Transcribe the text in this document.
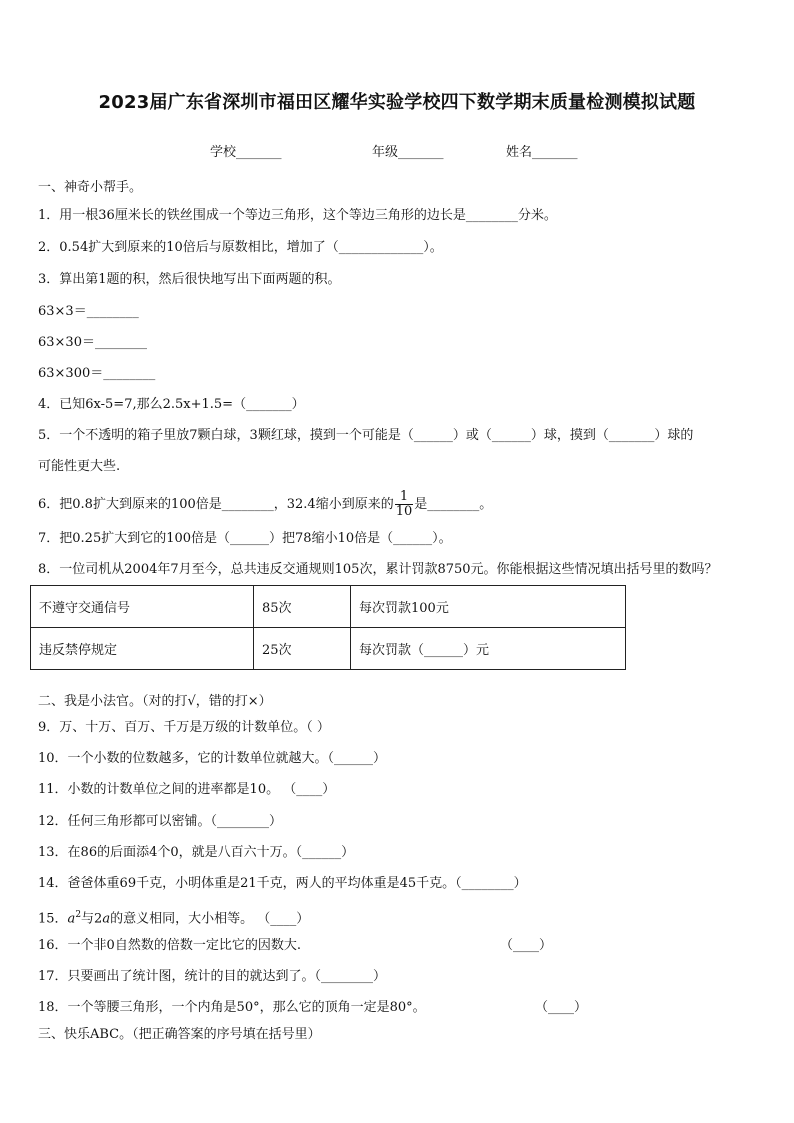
2023届广东省深圳市福田区耀华实验学校四下数学期末质量检测模拟试题
学校_______	年级_______	姓名_______
一、神奇小帮手。
1．用一根36厘米长的铁丝围成一个等边三角形，这个等边三角形的边长是________分米。
2．0.54扩大到原来的10倍后与原数相比，增加了（_____________）。
3．算出第1题的积，然后很快地写出下面两题的积。
63×3＝________
63×30＝________
63×300＝________
4．已知6x-5=7,那么2.5x+1.5=（_______）
5．一个不透明的箱子里放7颗白球，3颗红球，摸到一个可能是（______）或（______）球，摸到（_______）球的
可能性更大些.
6．把0.8扩大到原来的100倍是________，32.4缩小到原来的 $\frac{1}{10}$ 是________。
7．把0.25扩大到它的100倍是（______）把78缩小10倍是（______）。
8．一位司机从2004年7月至今，总共违反交通规则105次，累计罚款8750元。你能根据这些情况填出括号里的数吗？
不遵守交通信号	85次	每次罚款100元
违反禁停规定	25次	每次罚款（______）元
二、我是小法官。（对的打√，错的打×）
9．万、十万、百万、千万是万级的计数单位。（ ）
10．一个小数的位数越多，它的计数单位就越大。（______）
11．小数的计数单位之间的进率都是10。 （____）
12．任何三角形都可以密铺。（________）
13．在86的后面添4个0，就是八百六十万。（______）
14．爸爸体重69千克，小明体重是21千克，两人的平均体重是45千克。（________）
15．$a^2$与2a的意义相同，大小相等。 （____）
16．一个非0自然数的倍数一定比它的因数大.	（____）
17．只要画出了统计图，统计的目的就达到了。（________）
18．一个等腰三角形，一个内角是50°，那么它的顶角一定是80°。	（____）
三、快乐ABC。（把正确答案的序号填在括号里）
